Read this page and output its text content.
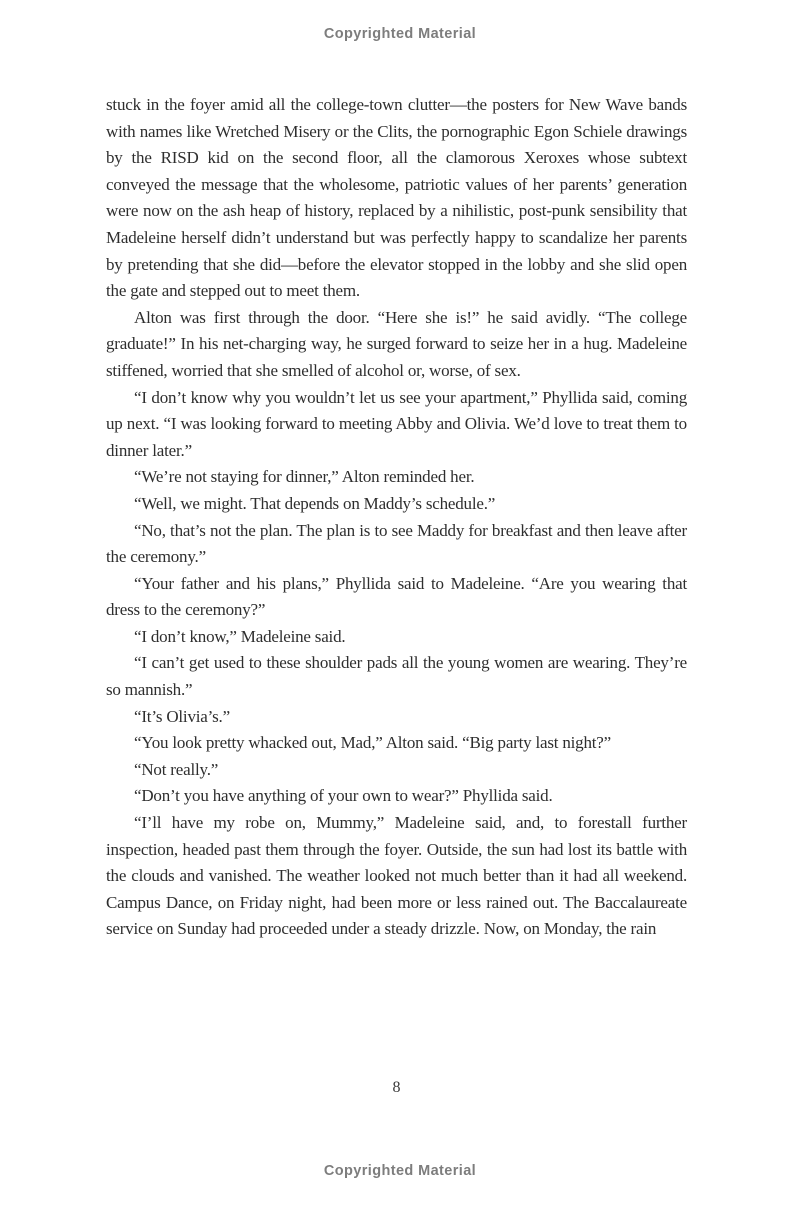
Copyrighted Material

stuck in the foyer amid all the college-town clutter—the posters for New Wave bands with names like Wretched Misery or the Clits, the pornographic Egon Schiele drawings by the RISD kid on the second floor, all the clamorous Xeroxes whose subtext conveyed the message that the wholesome, patriotic values of her parents’ generation were now on the ash heap of history, replaced by a nihilistic, post-punk sensibility that Madeleine herself didn’t understand but was perfectly happy to scandalize her parents by pretending that she did—before the elevator stopped in the lobby and she slid open the gate and stepped out to meet them.

Alton was first through the door. “Here she is!” he said avidly. “The college graduate!” In his net-charging way, he surged forward to seize her in a hug. Madeleine stiffened, worried that she smelled of alcohol or, worse, of sex.

“I don’t know why you wouldn’t let us see your apartment,” Phyllida said, coming up next. “I was looking forward to meeting Abby and Olivia. We’d love to treat them to dinner later.”

“We’re not staying for dinner,” Alton reminded her.

“Well, we might. That depends on Maddy’s schedule.”

“No, that’s not the plan. The plan is to see Maddy for breakfast and then leave after the ceremony.”

“Your father and his plans,” Phyllida said to Madeleine. “Are you wearing that dress to the ceremony?”

“I don’t know,” Madeleine said.

“I can’t get used to these shoulder pads all the young women are wearing. They’re so mannish.”

“It’s Olivia’s.”

“You look pretty whacked out, Mad,” Alton said. “Big party last night?”

“Not really.”

“Don’t you have anything of your own to wear?” Phyllida said.

“I’ll have my robe on, Mummy,” Madeleine said, and, to forestall further inspection, headed past them through the foyer. Outside, the sun had lost its battle with the clouds and vanished. The weather looked not much better than it had all weekend. Campus Dance, on Friday night, had been more or less rained out. The Baccalaureate service on Sunday had proceeded under a steady drizzle. Now, on Monday, the rain

8
Copyrighted Material
